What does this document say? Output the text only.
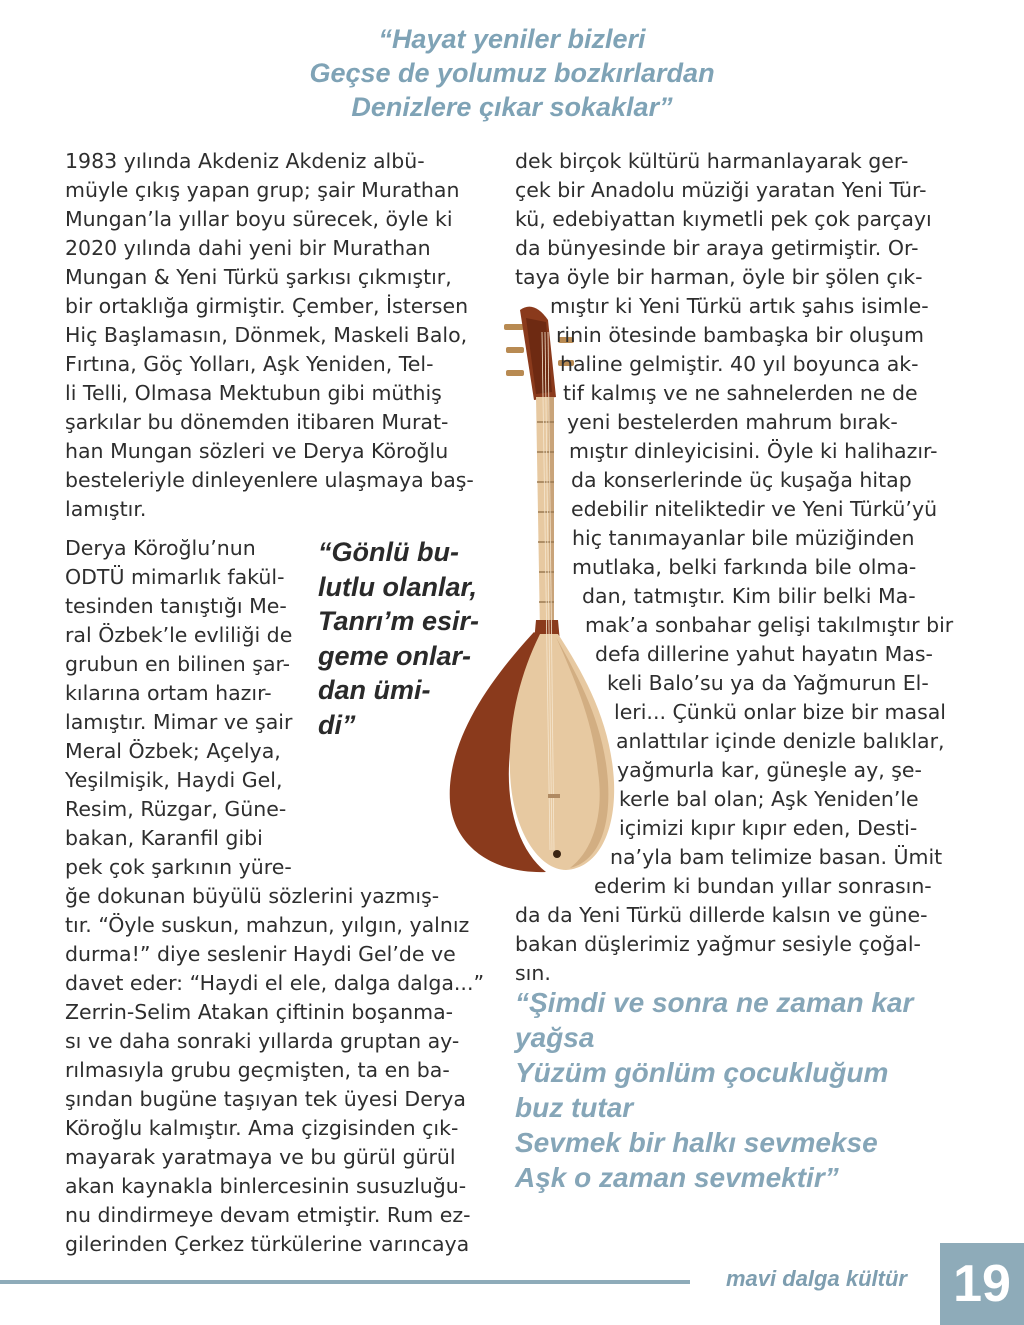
“Hayat yeniler bizleri
Geçse de yolumuz bozkırlardan
Denizlere çıkar sokaklar”
1983 yılında Akdeniz Akdeniz albü-
müyle çıkış yapan grup; şair Murathan
Mungan’la yıllar boyu sürecek, öyle ki
2020 yılında dahi yeni bir Murathan
Mungan & Yeni Türkü şarkısı çıkmıştır,
bir ortaklığa girmiştir. Çember, İstersen
Hiç Başlamasın, Dönmek, Maskeli Balo,
Fırtına, Göç Yolları, Aşk Yeniden, Tel-
li Telli, Olmasa Mektubun gibi müthiş
şarkılar bu dönemden itibaren Murat-
han Mungan sözleri ve Derya Köroğlu
besteleriyle dinleyenlere ulaşmaya baş-
lamıştır.
Derya Köroğlu’nun
ODTÜ mimarlık fakül-
tesinden tanıştığı Me-
ral Özbek’le evliliği de
grubun en bilinen şar-
kılarına ortam hazır-
lamıştır. Mimar ve şair
Meral Özbek; Açelya,
Yeşilmişik, Haydi Gel,
Resim, Rüzgar, Güne-
bakan, Karanfil gibi
pek çok şarkının yüre-
ğe dokunan büyülü sözlerini yazmış-
tır. “Öyle suskun, mahzun, yılgın, yalnız
durma!” diye seslenir Haydi Gel’de ve
davet eder: “Haydi el ele, dalga dalga...”
Zerrin-Selim Atakan çiftinin boşanma-
sı ve daha sonraki yıllarda gruptan ay-
rılmasıyla grubu geçmişten, ta en ba-
şından bugüne taşıyan tek üyesi Derya
Köroğlu kalmıştır. Ama çizgisinden çık-
mayarak yaratmaya ve bu gürül gürül
akan kaynakla binlercesinin susuzluğu-
nu dindirmeye devam etmiştir. Rum ez-
gilerinden Çerkez türkülerine varıncaya
“Gönlü bu-
lutlu olanlar,
Tanrı’m esir-
geme onlar-
dan ümi-
di”
dek birçok kültürü harmanlayarak ger-
çek bir Anadolu müziği yaratan Yeni Tür-
kü, edebiyattan kıymetli pek çok parçayı
da bünyesinde bir araya getirmiştir. Or-
taya öyle bir harman, öyle bir şölen çık-
mıştır ki Yeni Türkü artık şahıs isimle-
rinin ötesinde bambaşka bir oluşum
haline gelmiştir. 40 yıl boyunca ak-
tif kalmış ve ne sahnelerden ne de
yeni bestelerden mahrum bırak-
mıştır dinleyicisini. Öyle ki halihazır-
da konserlerinde üç kuşağa hitap
edebilir niteliktedir ve Yeni Türkü’yü
hiç tanımayanlar bile müziğinden
mutlaka, belki farkında bile olma-
dan, tatmıştır. Kim bilir belki Ma-
mak’a sonbahar gelişi takılmıştır bir
defa dillerine yahut hayatın Mas-
keli Balo’su ya da Yağmurun El-
leri... Çünkü onlar bize bir masal
anlattılar içinde denizle balıklar,
yağmurla kar, güneşle ay, şe-
kerle bal olan; Aşk Yeniden’le
içimizi kıpır kıpır eden, Desti-
na’yla bam telimize basan. Ümit
ederim ki bundan yıllar sonrasın-
da da Yeni Türkü dillerde kalsın ve güne-
bakan düşlerimiz yağmur sesiyle çoğal-
sın.
“Şimdi ve sonra ne zaman kar
yağsa
Yüzüm gönlüm çocukluğum
buz tutar
Sevmek bir halkı sevmekse
Aşk o zaman sevmektir”
mavi dalga kültür 19
